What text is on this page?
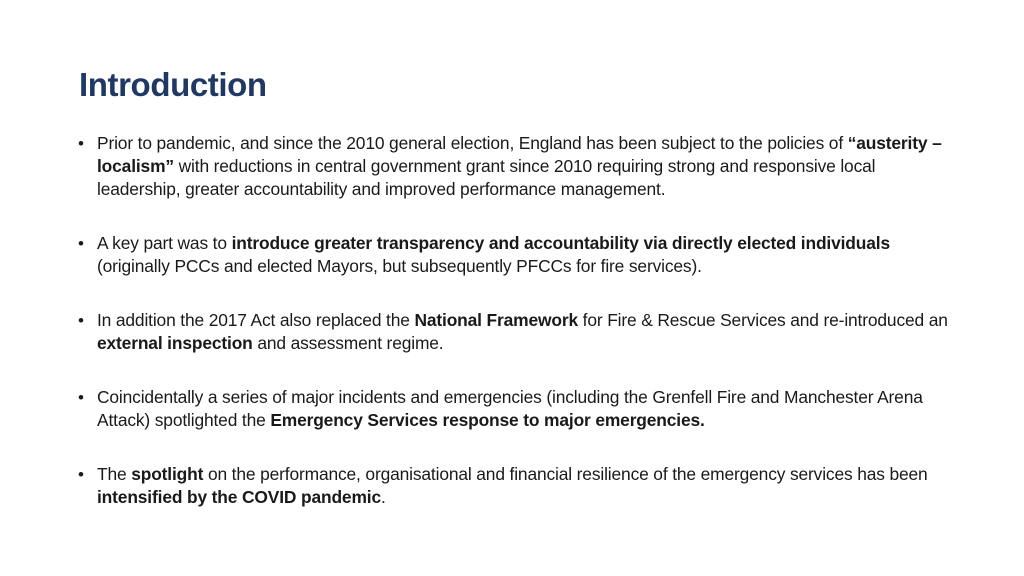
Introduction
• Prior to pandemic, and since the 2010 general election, England has been subject to the policies of “austerity – localism” with reductions in central government grant since 2010 requiring strong and responsive local leadership, greater accountability and improved performance management.
• A key part was to introduce greater transparency and accountability via directly elected individuals (originally PCCs and elected Mayors, but subsequently PFCCs for fire services).
• In addition the 2017 Act also replaced the National Framework for Fire & Rescue Services and re-introduced an external inspection and assessment regime.
• Coincidentally a series of major incidents and emergencies (including the Grenfell Fire and Manchester Arena Attack) spotlighted the Emergency Services response to major emergencies.
• The spotlight on the performance, organisational and financial resilience of the emergency services has been intensified by the COVID pandemic.
